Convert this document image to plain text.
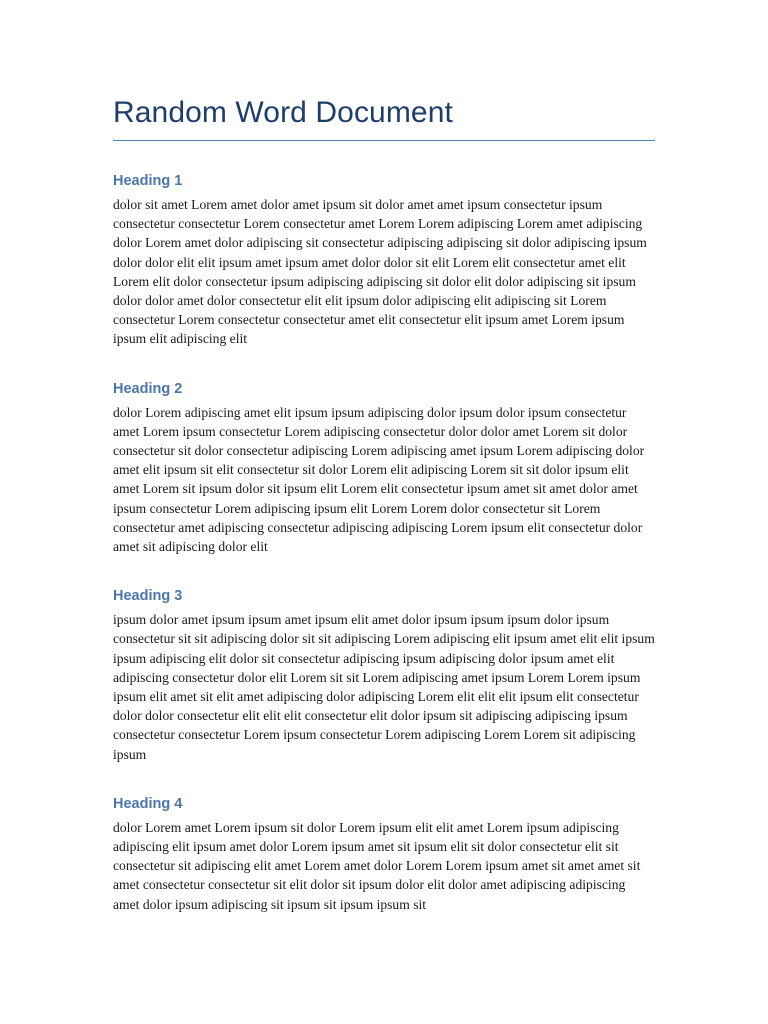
Random Word Document
Heading 1

dolor sit amet Lorem amet dolor amet ipsum sit dolor amet amet ipsum consectetur ipsum consectetur consectetur Lorem consectetur amet Lorem Lorem adipiscing Lorem amet adipiscing dolor Lorem amet dolor adipiscing sit consectetur adipiscing adipiscing sit dolor adipiscing ipsum dolor dolor elit elit ipsum amet ipsum amet dolor dolor sit elit Lorem elit consectetur amet elit Lorem elit dolor consectetur ipsum adipiscing adipiscing sit dolor elit dolor adipiscing sit ipsum dolor dolor amet dolor consectetur elit elit ipsum dolor adipiscing elit adipiscing sit Lorem consectetur Lorem consectetur consectetur amet elit consectetur elit ipsum amet Lorem ipsum ipsum elit adipiscing elit

Heading 2

dolor Lorem adipiscing amet elit ipsum ipsum adipiscing dolor ipsum dolor ipsum consectetur amet Lorem ipsum consectetur Lorem adipiscing consectetur dolor dolor amet Lorem sit dolor consectetur sit dolor consectetur adipiscing Lorem adipiscing amet ipsum Lorem adipiscing dolor amet elit ipsum sit elit consectetur sit dolor Lorem elit adipiscing Lorem sit sit dolor ipsum elit amet Lorem sit ipsum dolor sit ipsum elit Lorem elit consectetur ipsum amet sit amet dolor amet ipsum consectetur Lorem adipiscing ipsum elit Lorem Lorem dolor consectetur sit Lorem consectetur amet adipiscing consectetur adipiscing adipiscing Lorem ipsum elit consectetur dolor amet sit adipiscing dolor elit

Heading 3

ipsum dolor amet ipsum ipsum amet ipsum elit amet dolor ipsum ipsum ipsum dolor ipsum consectetur sit sit adipiscing dolor sit sit adipiscing Lorem adipiscing elit ipsum amet elit elit ipsum ipsum adipiscing elit dolor sit consectetur adipiscing ipsum adipiscing dolor ipsum amet elit adipiscing consectetur dolor elit Lorem sit sit Lorem adipiscing amet ipsum Lorem Lorem ipsum ipsum elit amet sit elit amet adipiscing dolor adipiscing Lorem elit elit elit ipsum elit consectetur dolor dolor consectetur elit elit elit consectetur elit dolor ipsum sit adipiscing adipiscing ipsum consectetur consectetur Lorem ipsum consectetur Lorem adipiscing Lorem Lorem sit adipiscing ipsum

Heading 4

dolor Lorem amet Lorem ipsum sit dolor Lorem ipsum elit elit amet Lorem ipsum adipiscing adipiscing elit ipsum amet dolor Lorem ipsum amet sit ipsum elit sit dolor consectetur elit sit consectetur sit adipiscing elit amet Lorem amet dolor Lorem Lorem ipsum amet sit amet amet sit amet consectetur consectetur sit elit dolor sit ipsum dolor elit dolor amet adipiscing adipiscing amet dolor ipsum adipiscing sit ipsum sit ipsum ipsum sit
